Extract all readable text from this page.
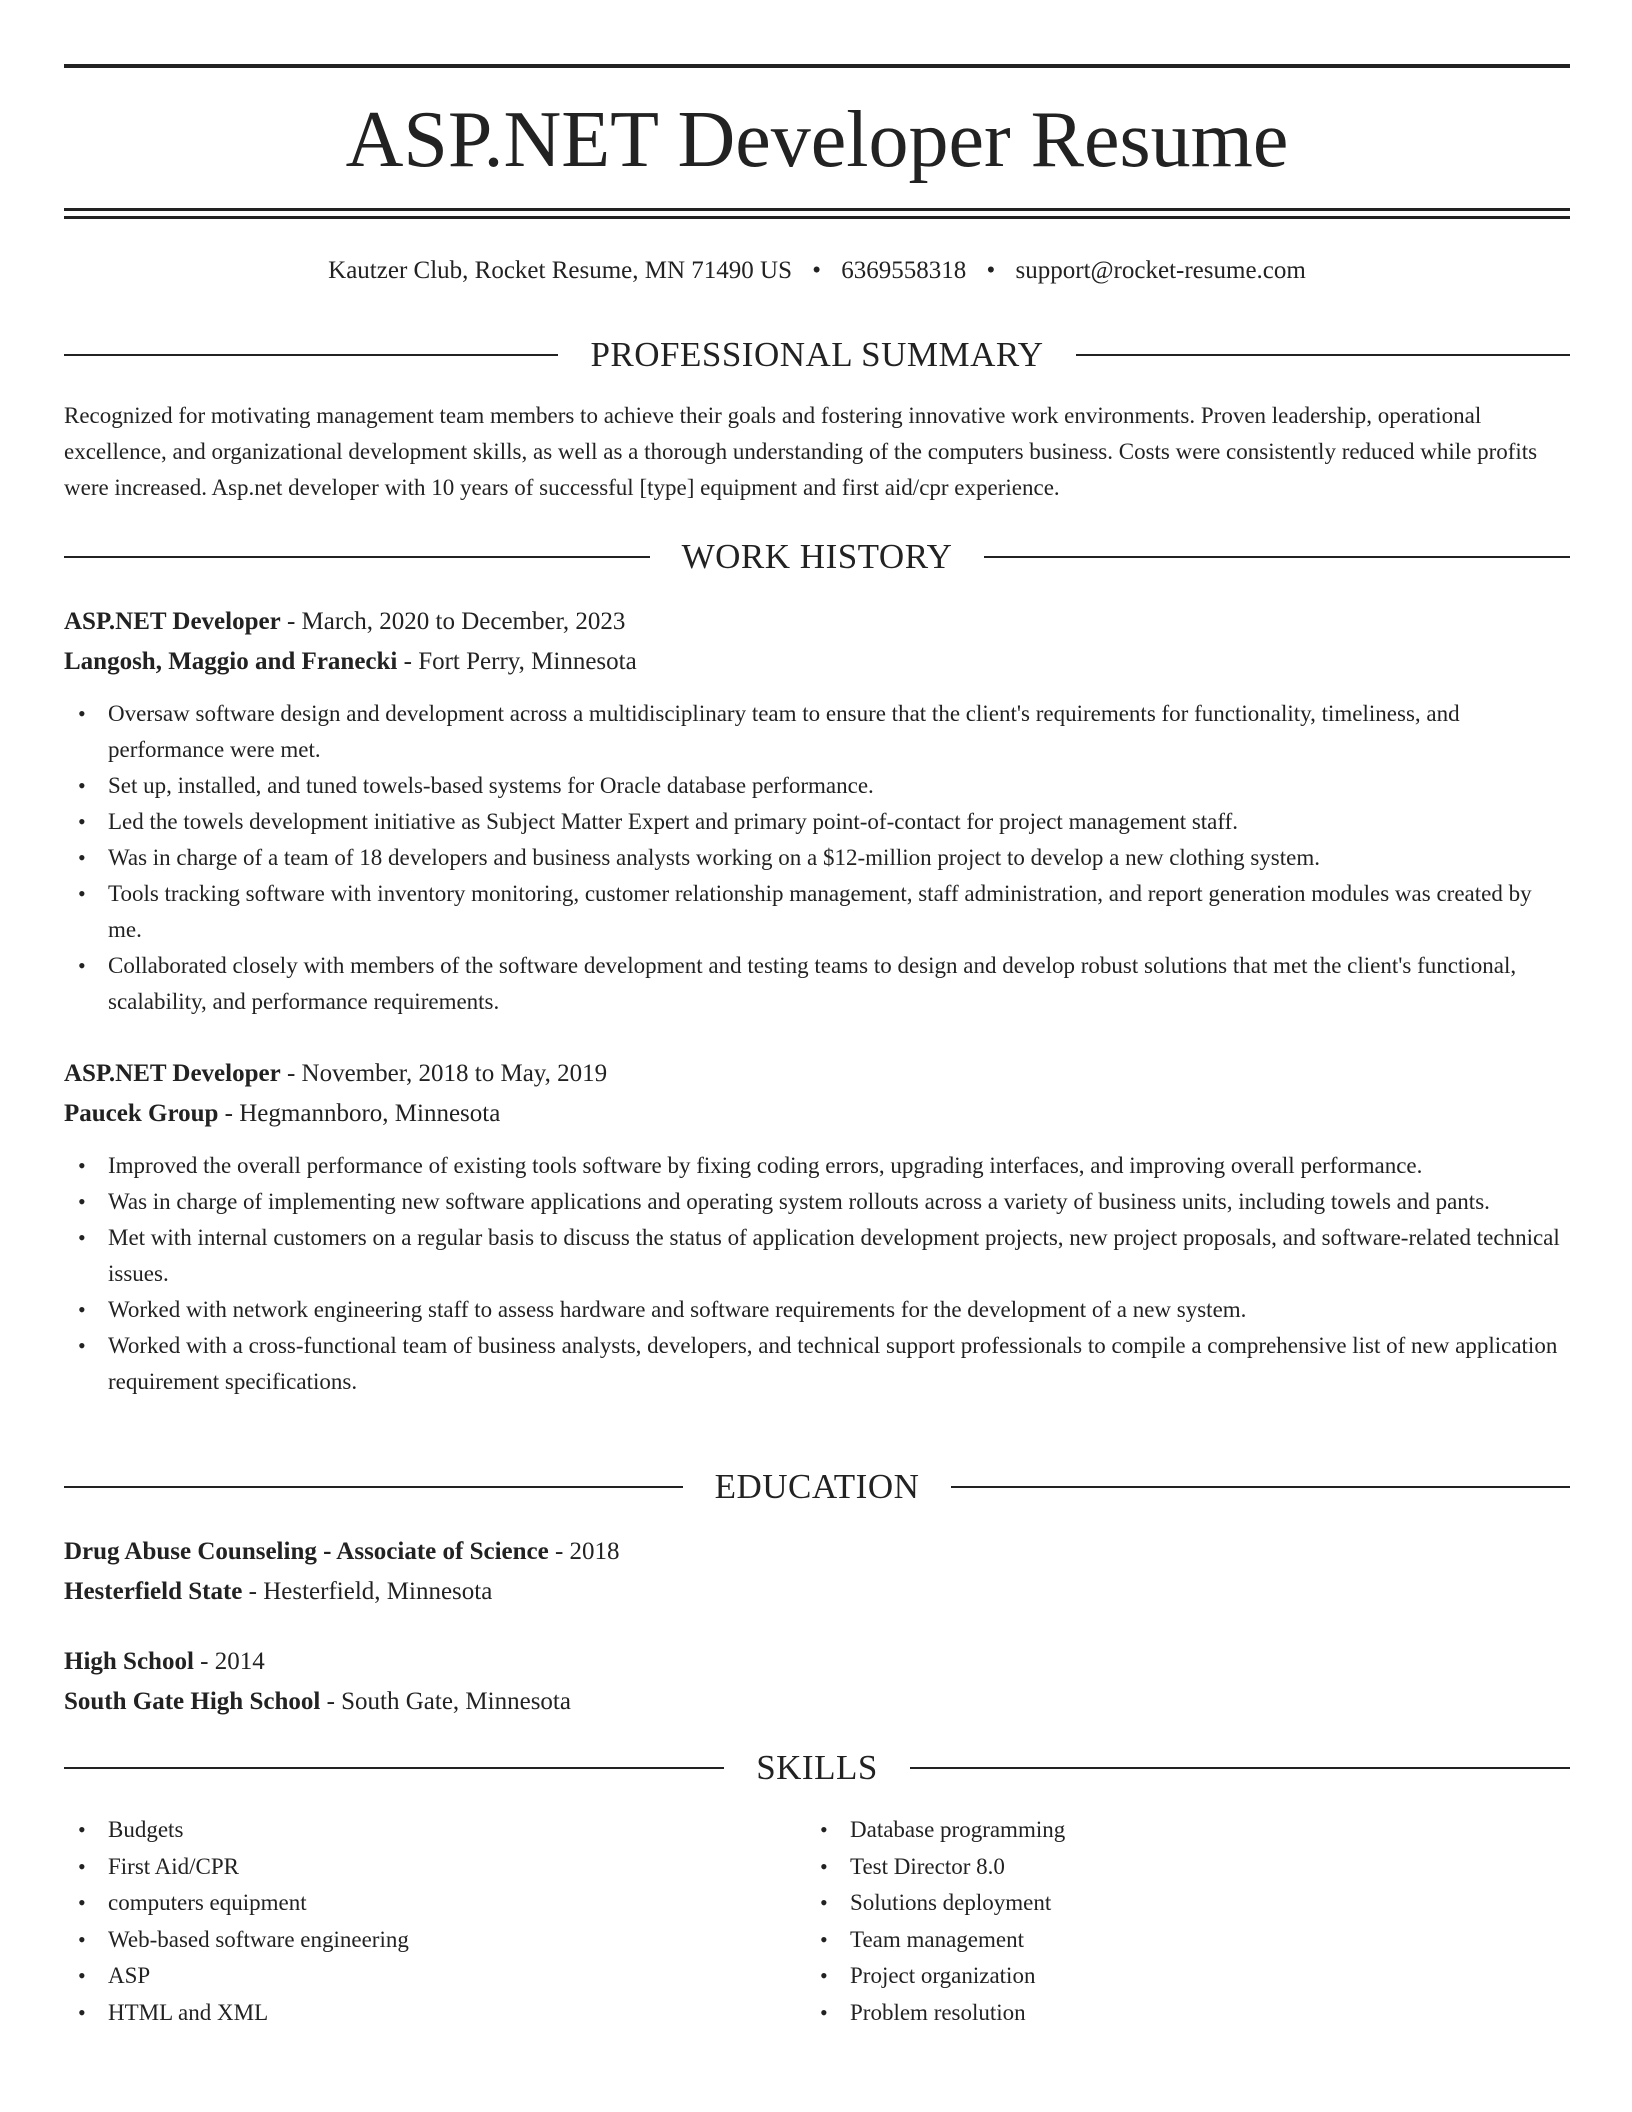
ASP.NET Developer Resume
Kautzer Club, Rocket Resume, MN 71490 US • 6369558318 • support@rocket-resume.com
PROFESSIONAL SUMMARY

Recognized for motivating management team members to achieve their goals and fostering innovative work environments. Proven leadership, operational excellence, and organizational development skills, as well as a thorough understanding of the computers business. Costs were consistently reduced while profits were increased. Asp.net developer with 10 years of successful [type] equipment and first aid/cpr experience.

WORK HISTORY
ASP.NET Developer - March, 2020 to December, 2023
Langosh, Maggio and Franecki - Fort Perry, Minnesota
• Oversaw software design and development across a multidisciplinary team to ensure that the client's requirements for functionality, timeliness, and performance were met.
• Set up, installed, and tuned towels-based systems for Oracle database performance.
• Led the towels development initiative as Subject Matter Expert and primary point-of-contact for project management staff.
• Was in charge of a team of 18 developers and business analysts working on a $12-million project to develop a new clothing system.
• Tools tracking software with inventory monitoring, customer relationship management, staff administration, and report generation modules was created by me.
• Collaborated closely with members of the software development and testing teams to design and develop robust solutions that met the client's functional, scalability, and performance requirements.
ASP.NET Developer - November, 2018 to May, 2019
Paucek Group - Hegmannboro, Minnesota
• Improved the overall performance of existing tools software by fixing coding errors, upgrading interfaces, and improving overall performance.
• Was in charge of implementing new software applications and operating system rollouts across a variety of business units, including towels and pants.
• Met with internal customers on a regular basis to discuss the status of application development projects, new project proposals, and software-related technical issues.
• Worked with network engineering staff to assess hardware and software requirements for the development of a new system.
• Worked with a cross-functional team of business analysts, developers, and technical support professionals to compile a comprehensive list of new application requirement specifications.
EDUCATION
Drug Abuse Counseling - Associate of Science - 2018
Hesterfield State - Hesterfield, Minnesota
High School - 2014
South Gate High School - South Gate, Minnesota
SKILLS
• Budgets
• First Aid/CPR
• computers equipment
• Web-based software engineering
• ASP
• HTML and XML
• Database programming
• Test Director 8.0
• Solutions deployment
• Team management
• Project organization
• Problem resolution
